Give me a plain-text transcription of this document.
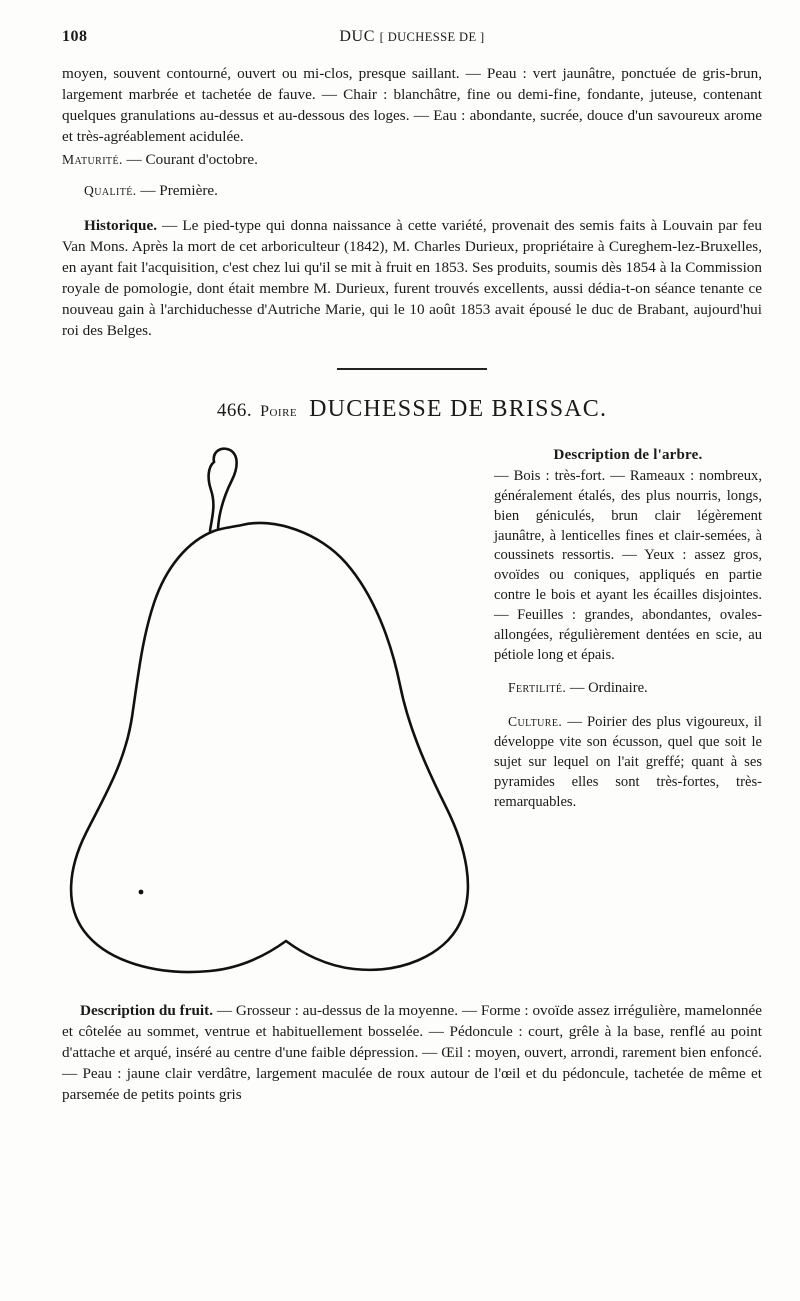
108	DUC [ DUCHESSE DE ]

moyen, souvent contourné, ouvert ou mi-clos, presque saillant. — Peau : vert jaunâtre, ponctuée de gris-brun, largement marbrée et tachetée de fauve. — Chair : blanchâtre, fine ou demi-fine, fondante, juteuse, contenant quelques granulations au-dessus et au-dessous des loges. — Eau : abondante, sucrée, douce d'un savoureux arome et très-agréablement acidulée.

Maturité. — Courant d'octobre.

Qualité. — Première.

Historique. — Le pied-type qui donna naissance à cette variété, provenait des semis faits à Louvain par feu Van Mons. Après la mort de cet arboriculteur (1842), M. Charles Durieux, propriétaire à Cureghem-lez-Bruxelles, en ayant fait l'acquisition, c'est chez lui qu'il se mit à fruit en 1853. Ses produits, soumis dès 1854 à la Commission royale de pomologie, dont était membre M. Durieux, furent trouvés excellents, aussi dédia-t-on séance tenante ce nouveau gain à l'archiduchesse d'Autriche Marie, qui le 10 août 1853 avait épousé le duc de Brabant, aujourd'hui roi des Belges.

466. Poire DUCHESSE DE BRISSAC.
Description de l'arbre.

— Bois : très-fort. — Rameaux : nombreux, généralement étalés, des plus nourris, longs, bien géniculés, brun clair légèrement jaunâtre, à lenticelles fines et clair-semées, à coussinets ressortis. — Yeux : assez gros, ovoïdes ou coniques, appliqués en partie contre le bois et ayant les écailles disjointes. — Feuilles : grandes, abondantes, ovales-allongées, régulièrement dentées en scie, au pétiole long et épais.

Fertilité. — Ordinaire.

Culture. — Poirier des plus vigoureux, il développe vite son écusson, quel que soit le sujet sur lequel on l'ait greffé; quant à ses pyramides elles sont très-fortes, très-remarquables.

Description du fruit. — Grosseur : au-dessus de la moyenne. — Forme : ovoïde assez irrégulière, mamelonnée et côtelée au sommet, ventrue et habituellement bosselée. — Pédoncule : court, grêle à la base, renflé au point d'attache et arqué, inséré au centre d'une faible dépression. — Œil : moyen, ouvert, arrondi, rarement bien enfoncé. — Peau : jaune clair verdâtre, largement maculée de roux autour de l'œil et du pédoncule, tachetée de même et parsemée de petits points gris
